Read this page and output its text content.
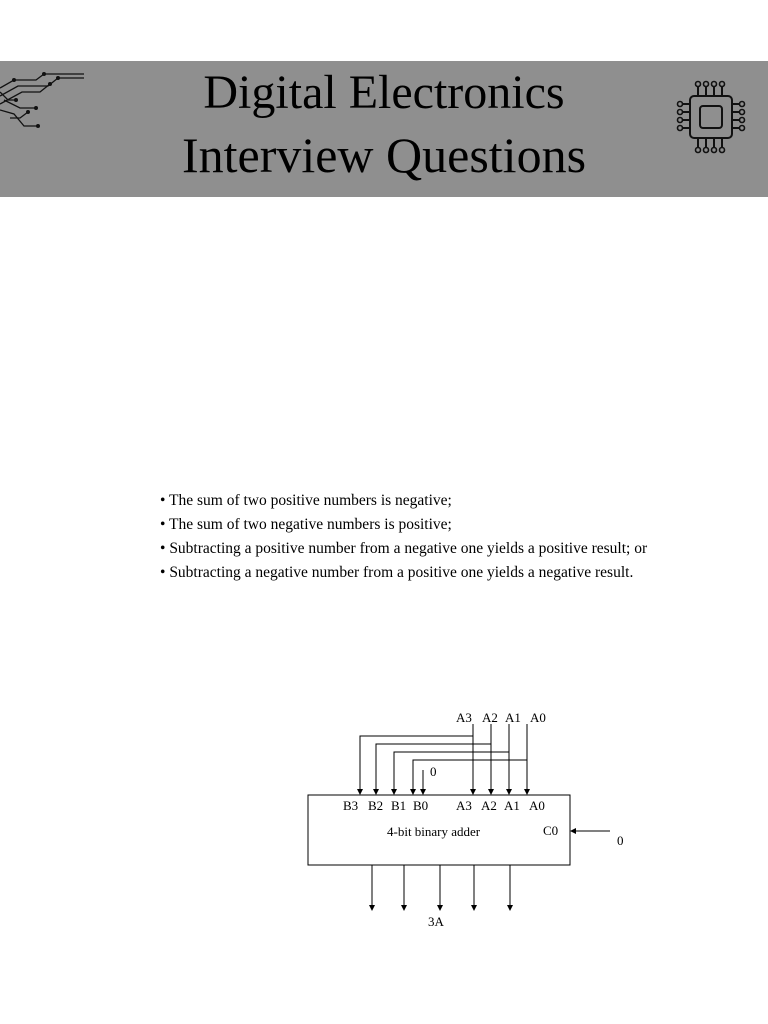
Digital Electronics
Interview Questions
• The sum of two positive numbers is negative;
• The sum of two negative numbers is positive;
• Subtracting a positive number from a negative one yields a positive result; or
• Subtracting a negative number from a positive one yields a negative result.
A3 A2 A1 A0
0
B3 B2 B1 B0 A3 A2 A1 A0
4-bit binary adder	C0
0
3A
